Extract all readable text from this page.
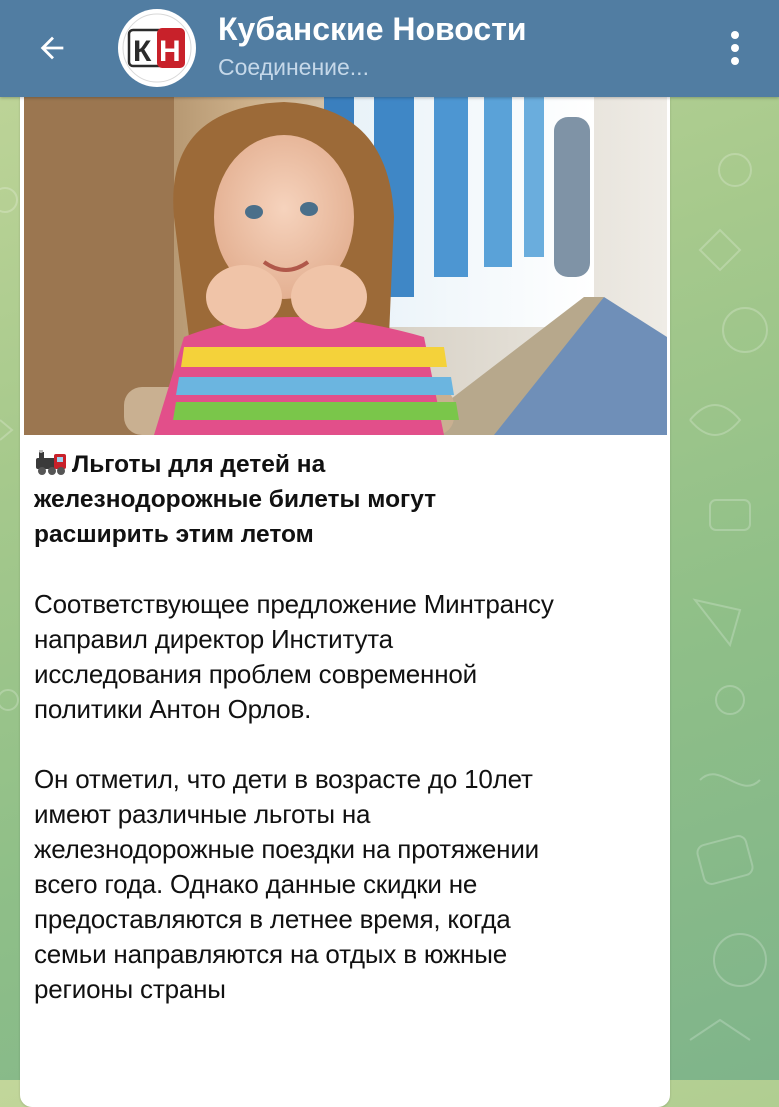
К Н
Кубанские Новости
Соединение...

Льготы для детей на железнодорожные билеты могут расширить этим летом

Соответствующее предложение Минтрансу направил директор Института исследования проблем современной политики Антон Орлов.

Он отметил, что дети в возрасте до 10лет имеют различные льготы на железнодорожные поездки на протяжении всего года. Однако данные скидки не предоставляются в летнее время, когда семьи направляются на отдых в южные регионы страны
